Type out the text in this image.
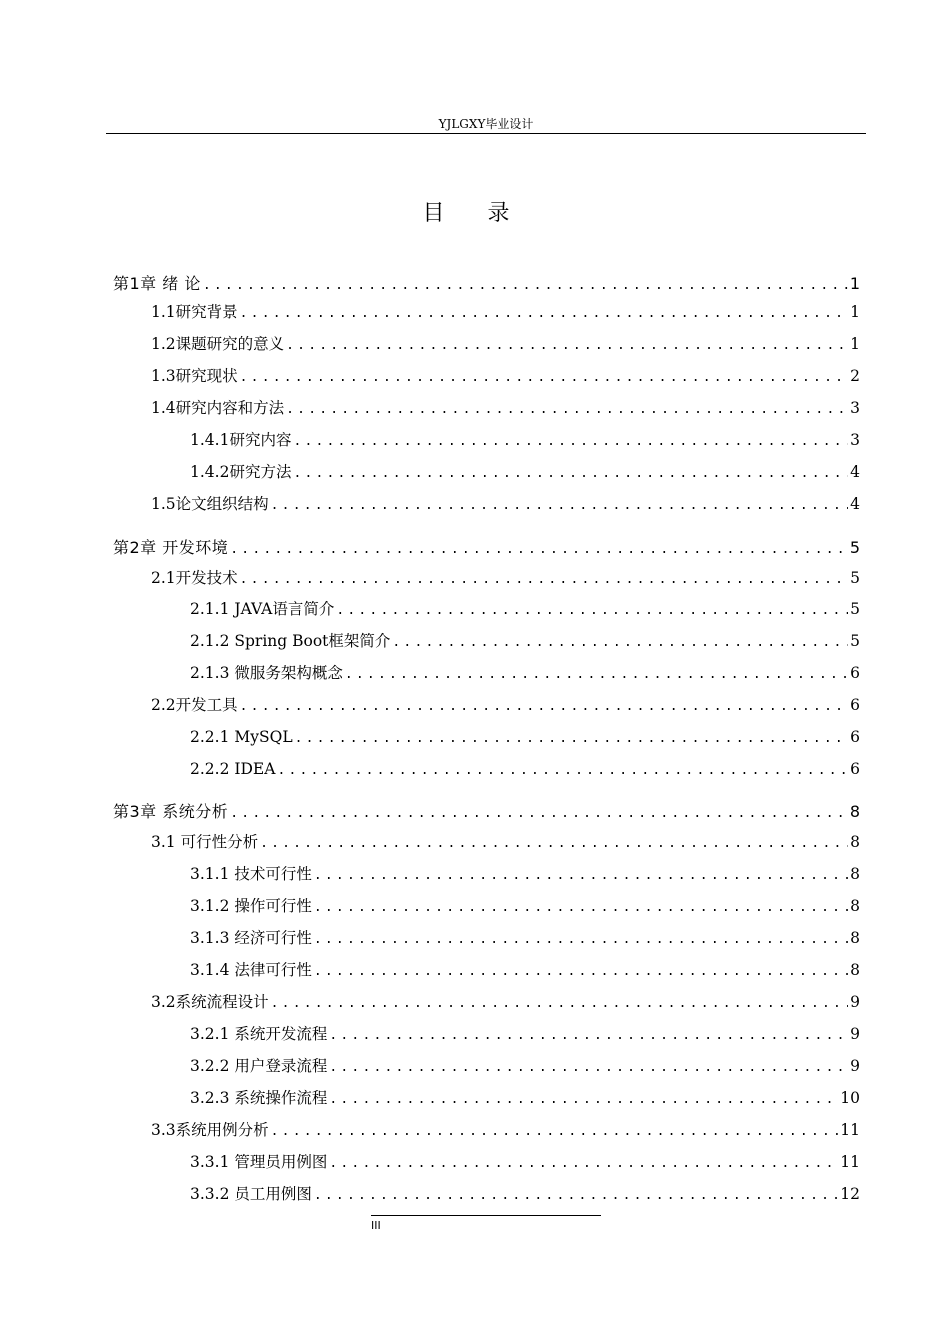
YJLGXY毕业设计
目 录
第1章 绪 论 .....	1
1.1研究背景 .....	1
1.2课题研究的意义 .....	1
1.3研究现状 .....	2
1.4研究内容和方法 .....	3
1.4.1研究内容 .....	3
1.4.2研究方法 .....	4
1.5论文组织结构 .....	4
第2章 开发环境 .....	5
2.1开发技术 .....	5
2.1.1 JAVA语言简介 .....	5
2.1.2 Spring Boot框架简介 .....	5
2.1.3 微服务架构概念 .....	6
2.2开发工具 .....	6
2.2.1 MySQL .....	6
2.2.2 IDEA .....	6
第3章 系统分析 .....	8
3.1 可行性分析 .....	8
3.1.1 技术可行性 .....	8
3.1.2 操作可行性 .....	8
3.1.3 经济可行性 .....	8
3.1.4 法律可行性 .....	8
3.2系统流程设计 .....	9
3.2.1 系统开发流程 .....	9
3.2.2 用户登录流程 .....	9
3.2.3 系统操作流程 .....	10
3.3系统用例分析 .....	11
3.3.1 管理员用例图 .....	11
3.3.2 员工用例图 .....	12
III
